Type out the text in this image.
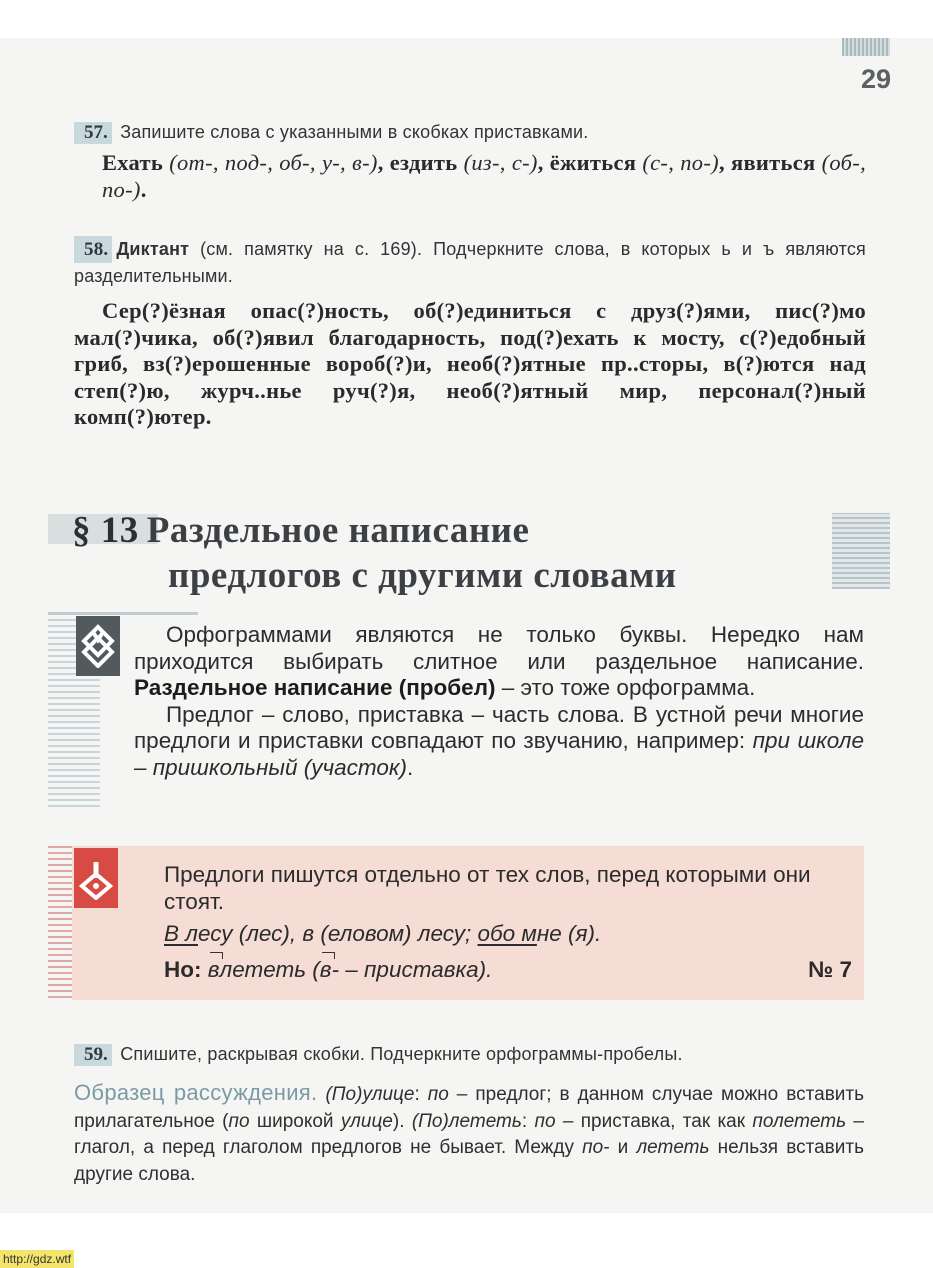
29
57. Запишите слова с указанными в скобках приставками.
Ехать (от-, под-, об-, у-, в-), ездить (из-, с-), ёжиться (с-, по-), явиться (об-, по-).
58. Диктант (см. памятку на с. 169). Подчеркните слова, в которых ь и ъ являются разделительными.
Сер(?)ёзная опас(?)ность, об(?)единиться с друз(?)ями, пис(?)мо мал(?)чика, об(?)явил благодарность, под(?)ехать к мосту, с(?)едобный гриб, вз(?)ерошенные вороб(?)и, необ(?)ятные пр..сторы, в(?)ются над степ(?)ю, журч..нье руч(?)я, необ(?)ятный мир, персонал(?)ный комп(?)ютер.
§ 13 Раздельное написание
предлогов с другими словами

Орфограммами являются не только буквы. Нередко нам приходится выбирать слитное или раздельное написание. Раздельное написание (пробел) – это тоже орфограмма.

Предлог – слово, приставка – часть слова. В устной речи многие предлоги и приставки совпадают по звучанию, например: при школе – пришкольный (участок).

Предлоги пишутся отдельно от тех слов, перед которыми они стоят.

В лесу (лес), в (еловом) лесу; обо мне (я).

Но: влететь (в- – приставка).	№ 7

59. Спишите, раскрывая скобки. Подчеркните орфограммы-пробелы.
Образец рассуждения. (По)улице: по – предлог; в данном случае можно вставить прилагательное (по широкой улице). (По)лететь: по – приставка, так как полететь – глагол, а перед глаголом предлогов не бывает. Между по- и лететь нельзя вставить другие слова.
http://gdz.wtf
